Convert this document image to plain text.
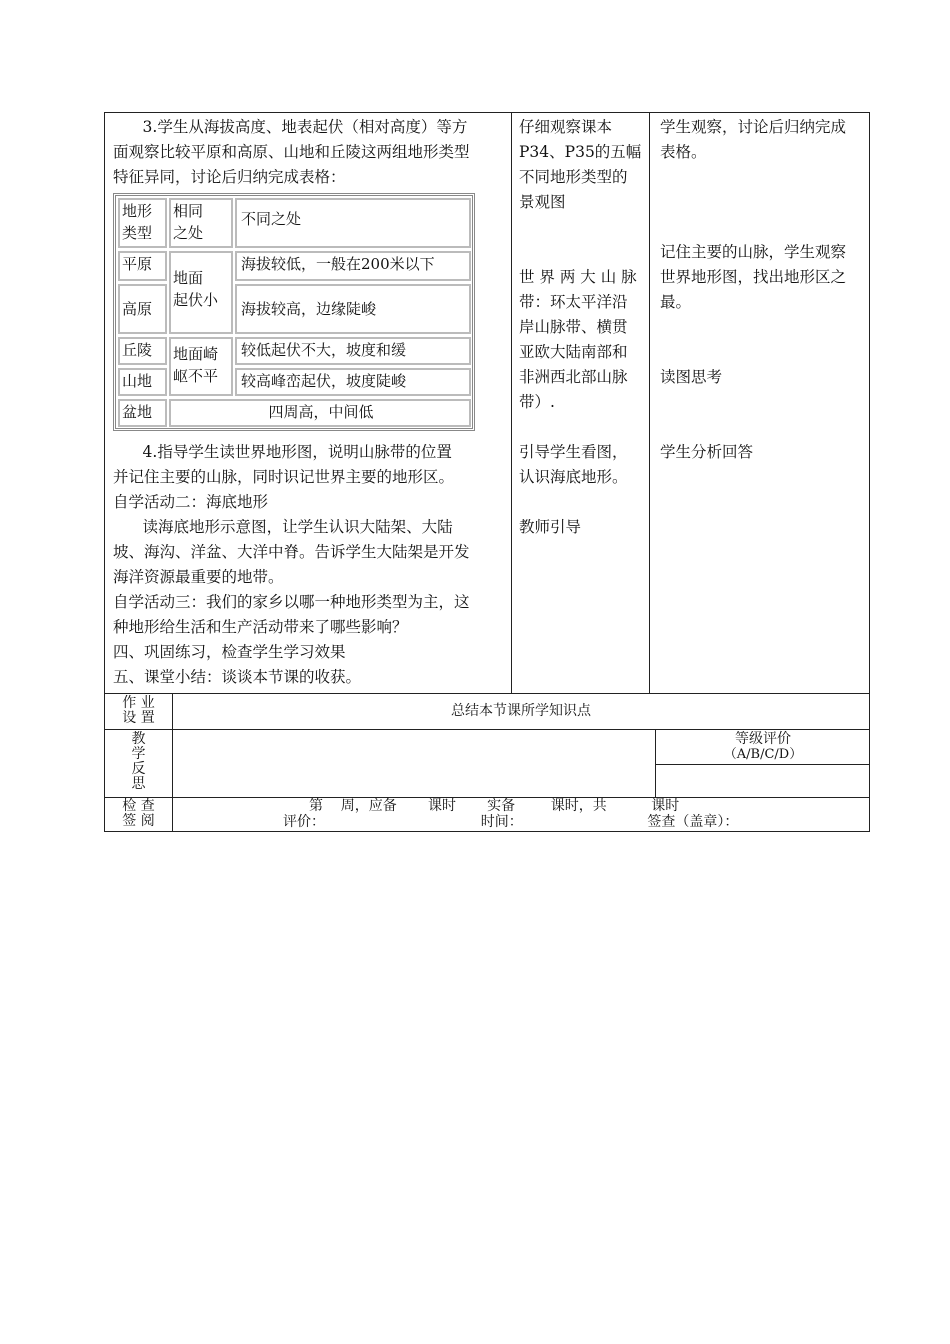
3.学生从海拔高度、地表起伏（相对高度）等方
面观察比较平原和高原、山地和丘陵这两组地形类型
特征异同，讨论后归纳完成表格：
地形
类型
相同
之处
不同之处
平原
高原
地面
起伏小
海拔较低，一般在200米以下
海拔较高，边缘陡峻
丘陵
山地
地面崎
岖不平
较低起伏不大，坡度和缓
较高峰峦起伏，坡度陡峻
盆地	四周高，中间低
4.指导学生读世界地形图，说明山脉带的位置
并记住主要的山脉，同时识记世界主要的地形区。
自学活动二：海底地形
读海底地形示意图，让学生认识大陆架、大陆
坡、海沟、洋盆、大洋中脊。告诉学生大陆架是开发
海洋资源最重要的地带。
自学活动三：我们的家乡以哪一种地形类型为主，这
种地形给生活和生产活动带来了哪些影响？
四、巩固练习，检查学生学习效果
五、课堂小结：谈谈本节课的收获。
仔细观察课本
P34、P35的五幅
不同地形类型的
景观图
世 界 两 大 山 脉
带：环太平洋沿
岸山脉带、横贯
亚欧大陆南部和
非洲西北部山脉
带）.
引导学生看图，
认识海底地形。
教师引导
学生观察，讨论后归纳完成
表格。
记住主要的山脉，学生观察
世界地形图，找出地形区之
最。
读图思考
学生分析回答
作 业
设 置	总结本节课所学知识点
教
学
反
思
等级评价
（A/B/C/D）
检 查
签 阅
第    周，应备       课时       实备        课时，共          课时
评价：                                   时间：                            签查（盖章）：
